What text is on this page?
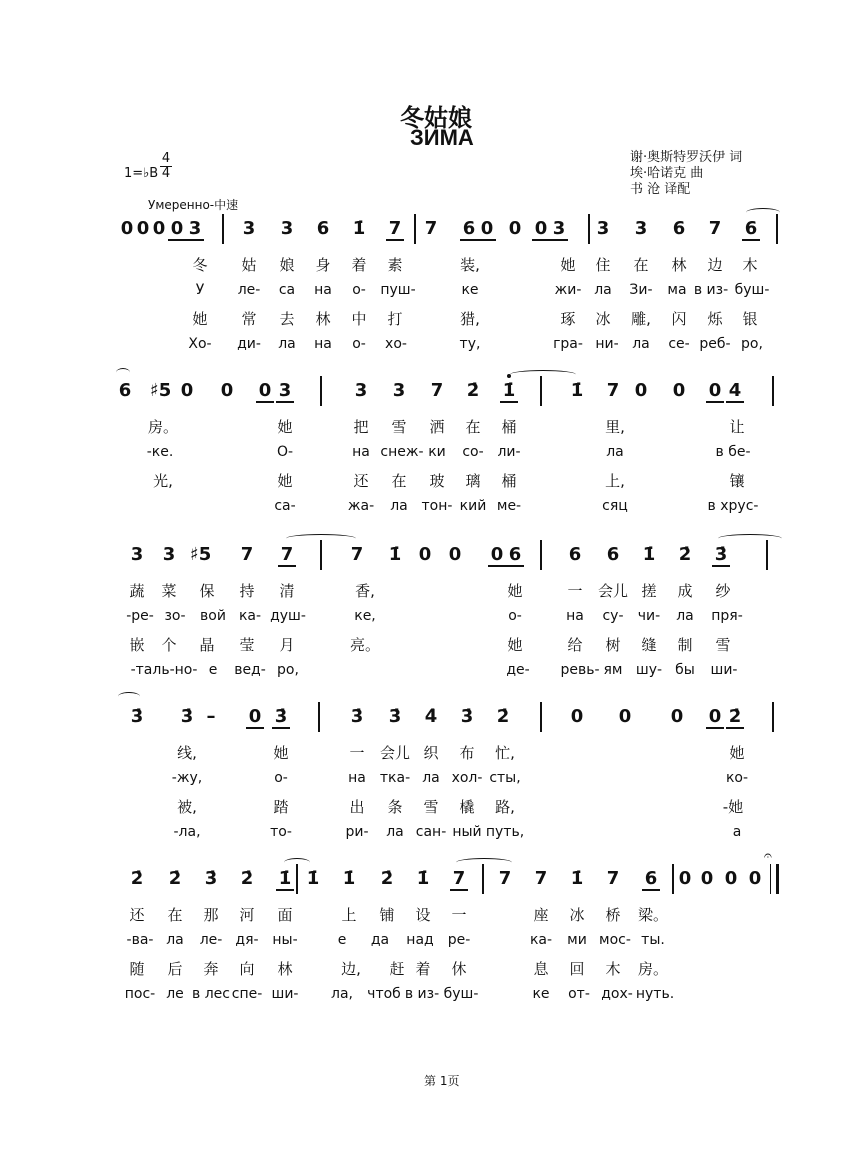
冬姑娘
ЗИМА
谢·奥斯特罗沃伊 词
埃·哈诺克 曲
书 沧 译配
1=♭B
4
4
Умеренно-中速
0 0 0 0 3 3 3 6 1̇ 7 7 6 0 0 0 3 3 3 6 7 6
冬 姑 娘 身 着 素	装,	她 住 在 林 边 木
У ле- са на о- пуш-	ке	жи- ла Зи- ма в из- буш-
她 常 去 林 中 打	猎,	琢 冰 雕, 闪 烁 银
Хо- ди- ла на о- хо-	ту,	гра- ни- ла се- реб- ро,
6 ♯5 0 0 0 3	3 3 7 2̇ 1̇	1̇ 7 0 0 0 4
房。	她	把 雪 洒 在 桶	里,	让
-ке.	О-	на снеж- ки со- ли-	ла	в бе-
光,	她	还 在 玻 璃 桶	上,	镶
са-	жа- ла тон- кий ме-	сяц	в хрус-
3 3 ♯5 7 7	7 1̇ 0 0 0 6	6 6 1̇ 2̇ 3̇
蔬 菜 保 持 清	香,	她	一 会儿 搓 成 纱
-ре- зо- вой ка- душ-	ке,	о-	на су- чи- ла пря-
嵌 个 晶 莹 月	亮。	她	给 树 缝 制 雪
-таль-но- е вед- ро,	де- ревь- ям шу- бы ши-
3̇ 3̇ – 0 3̇	3̇ 3̇ 4̇ 3̇ 2̇	0 0 0 0 2̇
线,	她	一 会儿 织 布 忙,	她
-жу,	о-	на тка- ла хол- сты,	ко-
被,	踏	出 条 雪 橇 路,	-她
-ла,	то-	ри- ла сан- ный путь,	а
2̇ 2̇ 3̇ 2̇ 1̇ 1̇ 1̇ 2̇ 1̇ 7 7 7 1̇ 7 6 0 0 0 0
𝄐
还 在 那 河 面	上 铺 设 一	座 冰 桥 梁。
-ва- ла ле- дя- ны-	е да над ре-	ка- ми мос- ты.
随 后 奔 向 林	边, 赶 着 休	息 回 木 房。
пос- ле в лес спе- ши- ла, чтоб в из- буш-	ке от- дох- нуть.
第 1页
